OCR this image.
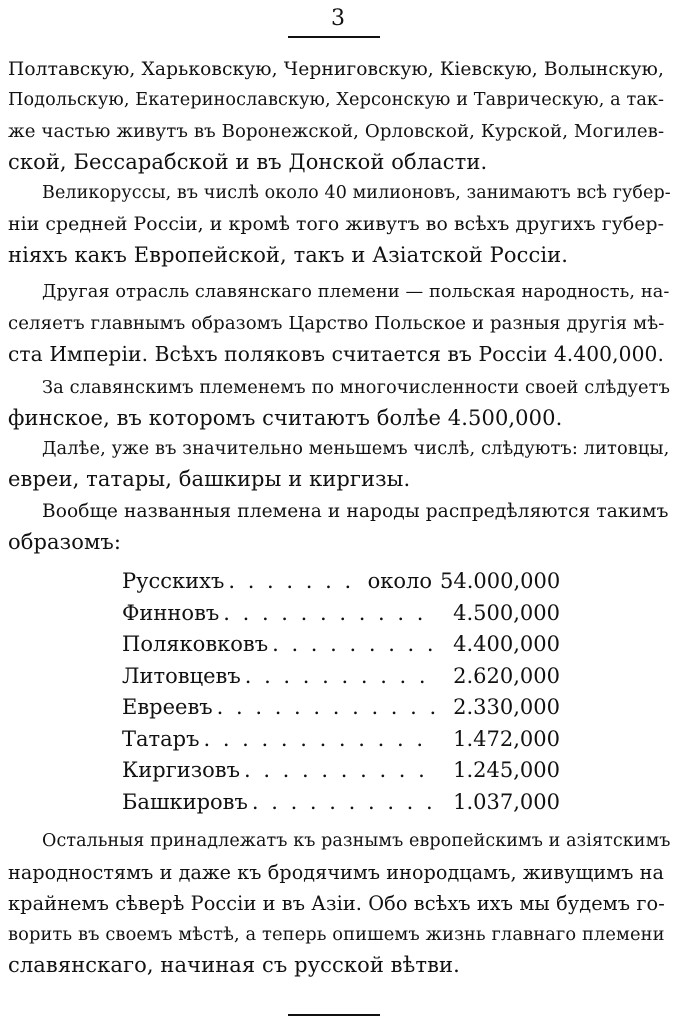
3
Полтавскую, Харьковскую, Черниговскую, Кіевскую, Волынскую,
Подольскую, Екатеринославскую, Херсонскую и Таврическую, а так-
же частью живутъ въ Воронежской, Орловской, Курской, Могилев-
ской, Бессарабской и въ Донской области.
Великоруссы, въ числѣ около 40 милионовъ, занимаютъ всѣ губер-
ніи средней Россіи, и кромѣ того живутъ во всѣхъ другихъ губер-
ніяхъ какъ Европейской, такъ и Азіатской Россіи.
Другая отрасль славянскаго племени — польская народность, на-
селяетъ главнымъ образомъ Царство Польское и разныя другія мѣ-
ста Имперіи. Всѣхъ поляковъ считается въ Россіи 4.400,000.
За славянскимъ племенемъ по многочисленности своей слѣдуетъ
финское, въ которомъ считаютъ болѣе 4.500,000.
Далѣе, уже въ значительно меньшемъ числѣ, слѣдуютъ: литовцы,
евреи, татары, башкиры и киргизы.
Вообще названныя племена и народы распредѣляются такимъ
образомъ:
Русскихъ . . .	около 54.000,000
Финновъ . . .	4.500,000
Поляковковъ . . .	4.400,000
Литовцевъ . . .	2.620,000
Евреевъ . . .	2.330,000
Татаръ . . .	1.472,000
Киргизовъ . . .	1.245,000
Башкировъ . . .	1.037,000
Остальныя принадлежатъ къ разнымъ европейскимъ и азіятскимъ
народностямъ и даже къ бродячимъ инородцамъ, живущимъ на
крайнемъ сѣверѣ Россіи и въ Азіи. Обо всѣхъ ихъ мы будемъ го-
ворить въ своемъ мѣстѣ, а теперь опишемъ жизнь главнаго племени
славянскаго, начиная съ русской вѣтви.
